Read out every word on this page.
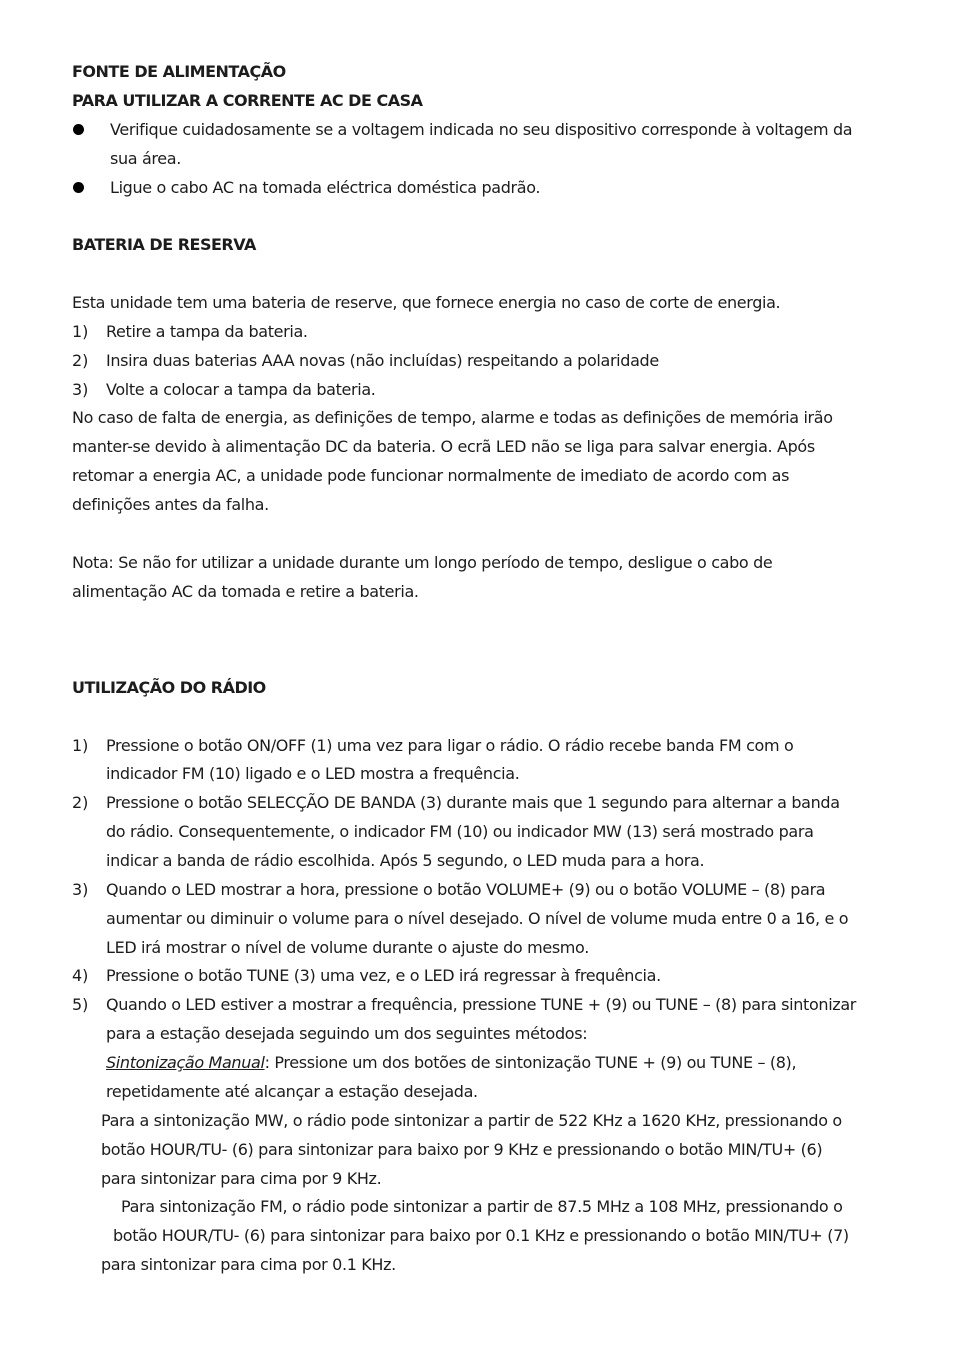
FONTE DE ALIMENTAÇÃO
PARA UTILIZAR A CORRENTE AC DE CASA
Verifique cuidadosamente se a voltagem indicada no seu dispositivo corresponde à voltagem da
sua área.
Ligue o cabo AC na tomada eléctrica doméstica padrão.
BATERIA DE RESERVA
Esta unidade tem uma bateria de reserve, que fornece energia no caso de corte de energia.
1) Retire a tampa da bateria.
2) Insira duas baterias AAA novas (não incluídas) respeitando a polaridade
3) Volte a colocar a tampa da bateria.
No caso de falta de energia, as definições de tempo, alarme e todas as definições de memória irão
manter-se devido à alimentação DC da bateria. O ecrã LED não se liga para salvar energia. Após
retomar a energia AC, a unidade pode funcionar normalmente de imediato de acordo com as
definições antes da falha.
Nota: Se não for utilizar a unidade durante um longo período de tempo, desligue o cabo de
alimentação AC da tomada e retire a bateria.
UTILIZAÇÃO DO RÁDIO
1) Pressione o botão ON/OFF (1) uma vez para ligar o rádio. O rádio recebe banda FM com o
indicador FM (10) ligado e o LED mostra a frequência.
2) Pressione o botão SELECÇÃO DE BANDA (3) durante mais que 1 segundo para alternar a banda
do rádio. Consequentemente, o indicador FM (10) ou indicador MW (13) será mostrado para
indicar a banda de rádio escolhida. Após 5 segundo, o LED muda para a hora.
3) Quando o LED mostrar a hora, pressione o botão VOLUME+ (9) ou o botão VOLUME – (8) para
aumentar ou diminuir o volume para o nível desejado. O nível de volume muda entre 0 a 16, e o
LED irá mostrar o nível de volume durante o ajuste do mesmo.
4) Pressione o botão TUNE (3) uma vez, e o LED irá regressar à frequência.
5) Quando o LED estiver a mostrar a frequência, pressione TUNE + (9) ou TUNE – (8) para sintonizar
para a estação desejada seguindo um dos seguintes métodos:
Sintonização Manual: Pressione um dos botões de sintonização TUNE + (9) ou TUNE – (8),
repetidamente até alcançar a estação desejada.
Para a sintonização MW, o rádio pode sintonizar a partir de 522 KHz a 1620 KHz, pressionando o
botão HOUR/TU- (6) para sintonizar para baixo por 9 KHz e pressionando o botão MIN/TU+ (6)
para sintonizar para cima por 9 KHz.
Para sintonização FM, o rádio pode sintonizar a partir de 87.5 MHz a 108 MHz, pressionando o
botão HOUR/TU- (6) para sintonizar para baixo por 0.1 KHz e pressionando o botão MIN/TU+ (7)
para sintonizar para cima por 0.1 KHz.
